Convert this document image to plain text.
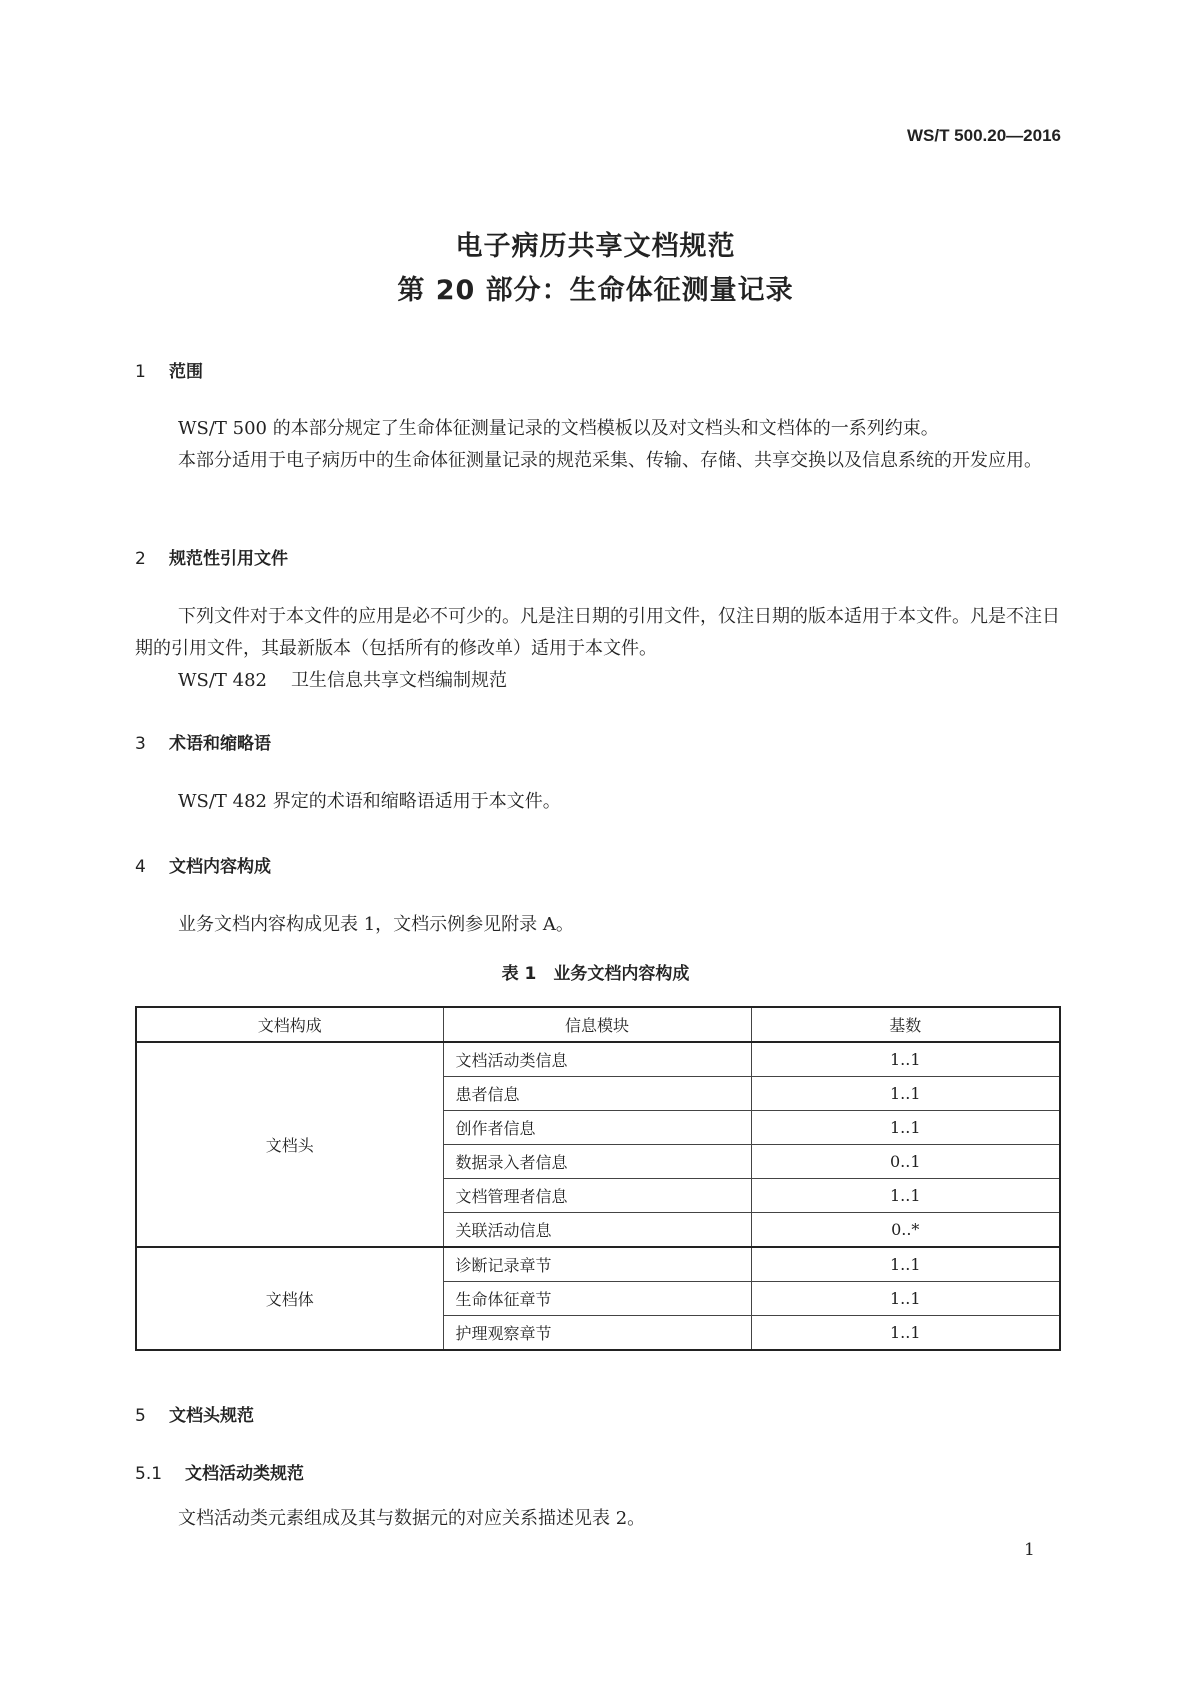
WS/T 500.20—2016
电子病历共享文档规范
第 20 部分：生命体征测量记录
1 范围
WS/T 500 的本部分规定了生命体征测量记录的文档模板以及对文档头和文档体的一系列约束。
本部分适用于电子病历中的生命体征测量记录的规范采集、传输、存储、共享交换以及信息系统的开发应用。
2 规范性引用文件
下列文件对于本文件的应用是必不可少的。凡是注日期的引用文件，仅注日期的版本适用于本文件。凡是不注日期的引用文件，其最新版本（包括所有的修改单）适用于本文件。
WS/T 482 卫生信息共享文档编制规范
3 术语和缩略语
WS/T 482 界定的术语和缩略语适用于本文件。
4 文档内容构成
业务文档内容构成见表 1，文档示例参见附录 A。
表 1　业务文档内容构成
文档构成	信息模块	基数
文档头	文档活动类信息	1..1
	患者信息	1..1
	创作者信息	1..1
	数据录入者信息	0..1
	文档管理者信息	1..1
	关联活动信息	0..*
文档体	诊断记录章节	1..1
	生命体征章节	1..1
	护理观察章节	1..1
5 文档头规范
5.1 文档活动类规范
文档活动类元素组成及其与数据元的对应关系描述见表 2。
1
